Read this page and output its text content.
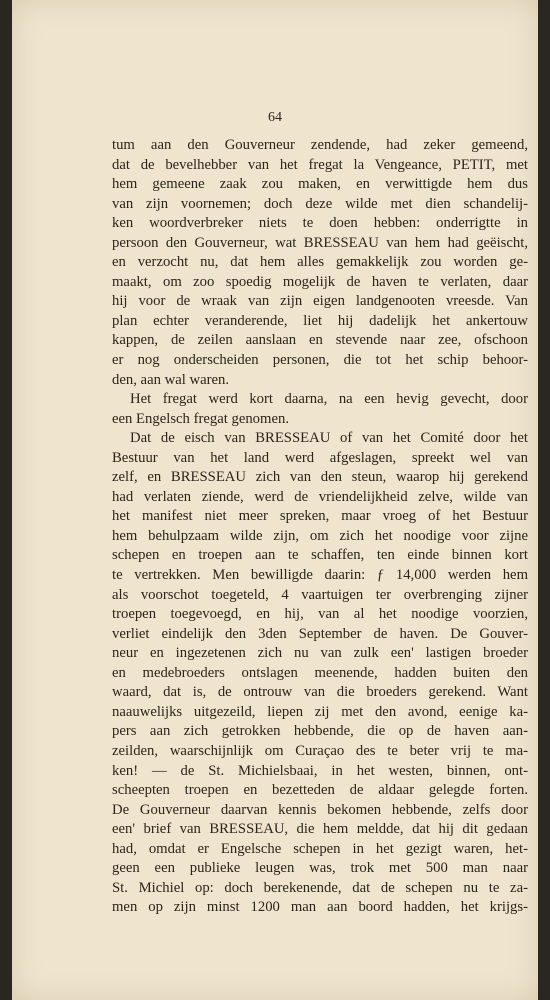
64
tum aan den Gouverneur zendende, had zeker gemeend,
dat de bevelhebber van het fregat la Vengeance, PETIT, met
hem gemeene zaak zou maken, en verwittigde hem dus
van zijn voornemen; doch deze wilde met dien schandelij-
ken woordverbreker niets te doen hebben: onderrigtte in
persoon den Gouverneur, wat BRESSEAU van hem had geëischt,
en verzocht nu, dat hem alles gemakkelijk zou worden ge-
maakt, om zoo spoedig mogelijk de haven te verlaten, daar
hij voor de wraak van zijn eigen landgenooten vreesde. Van
plan echter veranderende, liet hij dadelijk het ankertouw
kappen, de zeilen aanslaan en stevende naar zee, ofschoon
er nog onderscheiden personen, die tot het schip behoor-
den, aan wal waren.
Het fregat werd kort daarna, na een hevig gevecht, door
een Engelsch fregat genomen.
Dat de eisch van BRESSEAU of van het Comité door het
Bestuur van het land werd afgeslagen, spreekt wel van
zelf, en BRESSEAU zich van den steun, waarop hij gerekend
had verlaten ziende, werd de vriendelijkheid zelve, wilde van
het manifest niet meer spreken, maar vroeg of het Bestuur
hem behulpzaam wilde zijn, om zich het noodige voor zijne
schepen en troepen aan te schaffen, ten einde binnen kort
te vertrekken. Men bewilligde daarin: ƒ 14,000 werden hem
als voorschot toegeteld, 4 vaartuigen ter overbrenging zijner
troepen toegevoegd, en hij, van al het noodige voorzien,
verliet eindelijk den 3den September de haven. De Gouver-
neur en ingezetenen zich nu van zulk een' lastigen broeder
en medebroeders ontslagen meenende, hadden buiten den
waard, dat is, de ontrouw van die broeders gerekend. Want
naauwelijks uitgezeild, liepen zij met den avond, eenige ka-
pers aan zich getrokken hebbende, die op de haven aan-
zeilden, waarschijnlijk om Curaçao des te beter vrij te ma-
ken! — de St. Michielsbaai, in het westen, binnen, ont-
scheepten troepen en bezetteden de aldaar gelegde forten.
De Gouverneur daarvan kennis bekomen hebbende, zelfs door
een' brief van BRESSEAU, die hem meldde, dat hij dit gedaan
had, omdat er Engelsche schepen in het gezigt waren, het-
geen een publieke leugen was, trok met 500 man naar
St. Michiel op: doch berekenende, dat de schepen nu te za-
men op zijn minst 1200 man aan boord hadden, het krijgs-
